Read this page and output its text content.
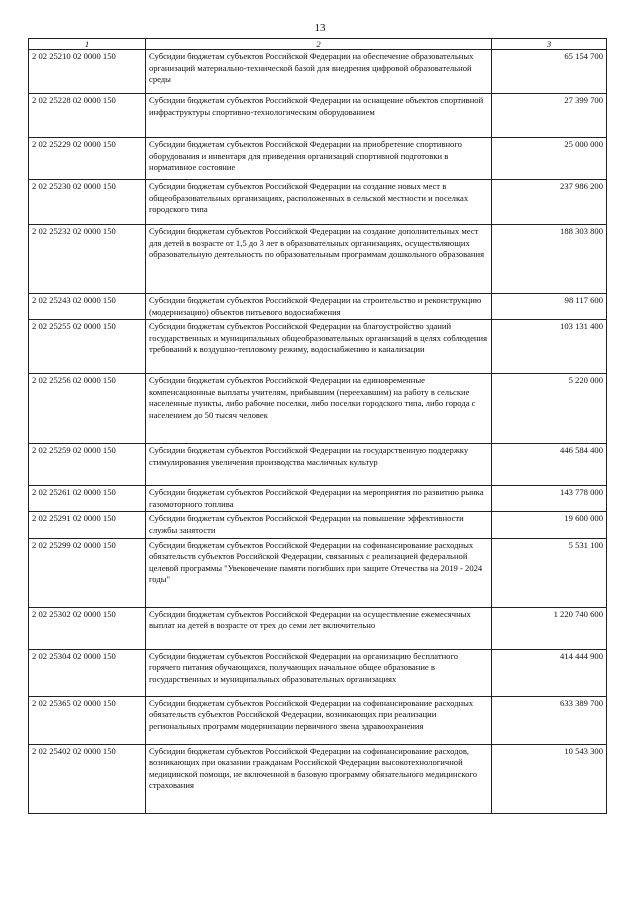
13
1	2	3
2 02 25210 02 0000 150	Субсидии бюджетам субъектов Российской Федерации на обеспечение образовательных организаций материально-технической базой для внедрения цифровой образовательной среды	65 154 700
2 02 25228 02 0000 150	Субсидии бюджетам субъектов Российской Федерации на оснащение объектов спортивной инфраструктуры спортивно-технологическим оборудованием	27 399 700
2 02 25229 02 0000 150	Субсидии бюджетам субъектов Российской Федерации на приобретение спортивного оборудования и инвентаря для приведения организаций спортивной подготовки в нормативное состояние	25 000 000
2 02 25230 02 0000 150	Субсидии бюджетам субъектов Российской Федерации на создание новых мест в общеобразовательных организациях, расположенных в сельской местности и поселках городского типа	237 986 200
2 02 25232 02 0000 150	Субсидии бюджетам субъектов Российской Федерации на создание дополнительных мест для детей в возрасте от 1,5 до 3 лет в образовательных организациях, осуществляющих образовательную деятельность по образовательным программам дошкольного образования	188 303 800
2 02 25243 02 0000 150	Субсидии бюджетам субъектов Российской Федерации на строительство и реконструкцию (модернизацию) объектов питьевого водоснабжения	98 117 600
2 02 25255 02 0000 150	Субсидии бюджетам субъектов Российской Федерации на благоустройство зданий государственных и муниципальных общеобразовательных организаций в целях соблюдения требований к воздушно-тепловому режиму, водоснабжению и канализации	103 131 400
2 02 25256 02 0000 150	Субсидии бюджетам субъектов Российской Федерации на единовременные компенсационные выплаты учителям, прибывшим (переехавшим) на работу в сельские населенные пункты, либо рабочие поселки, либо поселки городского типа, либо города с населением до 50 тысяч человек	5 220 000
2 02 25259 02 0000 150	Субсидии бюджетам субъектов Российской Федерации на государственную поддержку стимулирования увеличения производства масличных культур	446 584 400
2 02 25261 02 0000 150	Субсидии бюджетам субъектов Российской Федерации на мероприятия по развитию рынка газомоторного топлива	143 778 000
2 02 25291 02 0000 150	Субсидии бюджетам субъектов Российской Федерации на повышение эффективности службы занятости	19 600 000
2 02 25299 02 0000 150	Субсидии бюджетам субъектов Российской Федерации на софинансирование расходных обязательств субъектов Российской Федерации, связанных с реализацией федеральной целевой программы "Увековечение памяти погибших при защите Отечества на 2019 - 2024 годы"	5 531 100
2 02 25302 02 0000 150	Субсидии бюджетам субъектов Российской Федерации на осуществление ежемесячных выплат на детей в возрасте от трех до семи лет включительно	1 220 740 600
2 02 25304 02 0000 150	Субсидии бюджетам субъектов Российской Федерации на организацию бесплатного горячего питания обучающихся, получающих начальное общее образование в государственных и муниципальных образовательных организациях	414 444 900
2 02 25365 02 0000 150	Субсидии бюджетам субъектов Российской Федерации на софинансирование расходных обязательств субъектов Российской Федерации, возникающих при реализации региональных программ модернизации первичного звена здравоохранения	633 389 700
2 02 25402 02 0000 150	Субсидии бюджетам субъектов Российской Федерации на софинансирование расходов, возникающих при оказании гражданам Российской Федерации высокотехнологичной медицинской помощи, не включенной в базовую программу обязательного медицинского страхования	10 543 300
